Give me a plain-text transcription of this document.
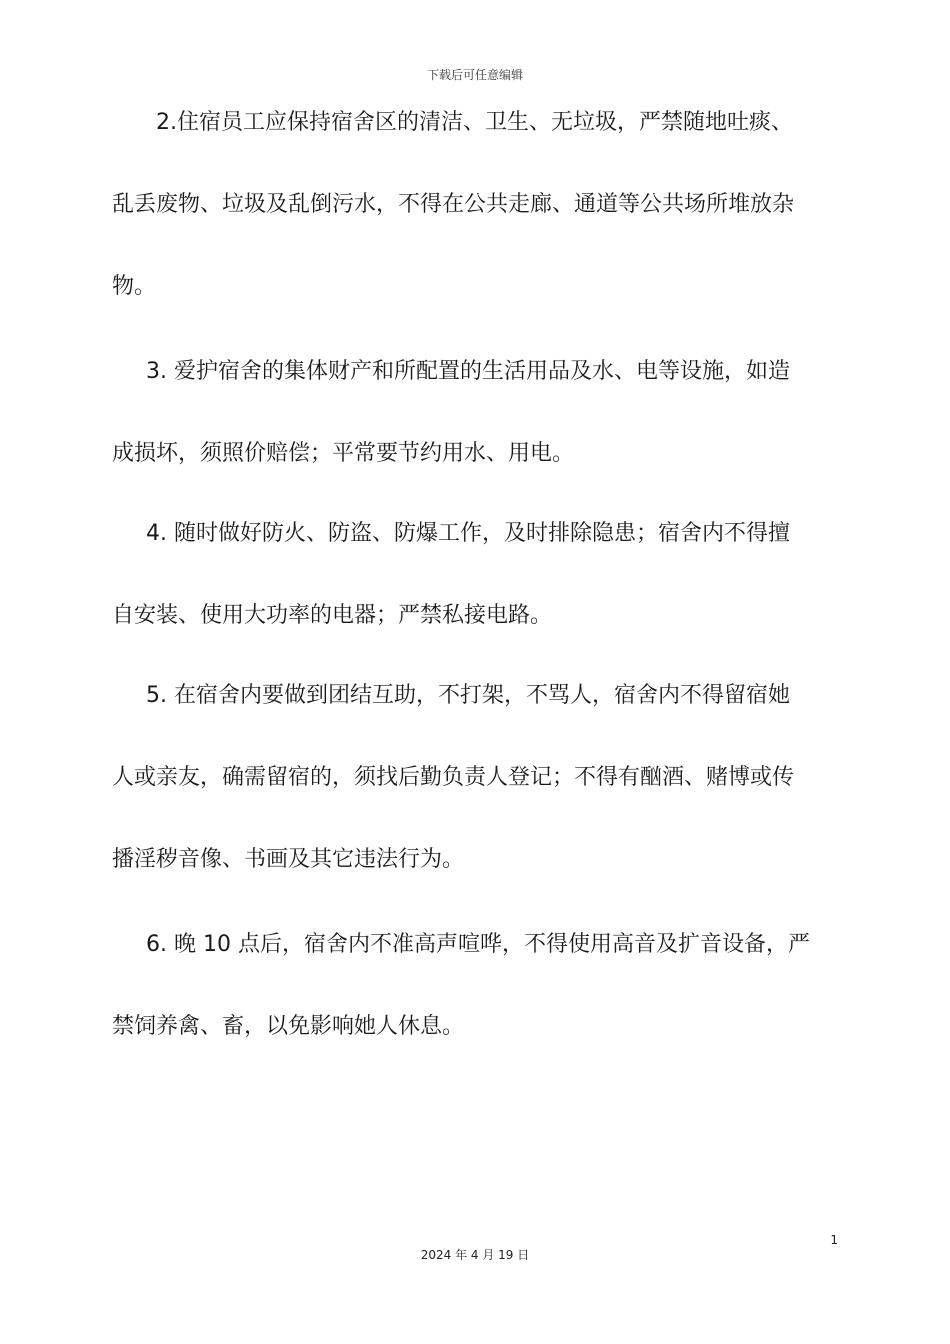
下载后可任意编辑
2.住宿员工应保持宿舍区的清洁、卫生、无垃圾，严禁随地吐痰、
乱丢废物、垃圾及乱倒污水，不得在公共走廊、通道等公共场所堆放杂
物。
3. 爱护宿舍的集体财产和所配置的生活用品及水、电等设施，如造
成损坏，须照价赔偿；平常要节约用水、用电。
4. 随时做好防火、防盗、防爆工作，及时排除隐患；宿舍内不得擅
自安装、使用大功率的电器；严禁私接电路。
5. 在宿舍内要做到团结互助，不打架，不骂人，宿舍内不得留宿她
人或亲友，确需留宿的，须找后勤负责人登记；不得有酗酒、赌博或传
播淫秽音像、书画及其它违法行为。
6. 晚 10 点后，宿舍内不准高声喧哗，不得使用高音及扩音设备，严
禁饲养禽、畜，以免影响她人休息。
1
2024 年 4 月 19 日
